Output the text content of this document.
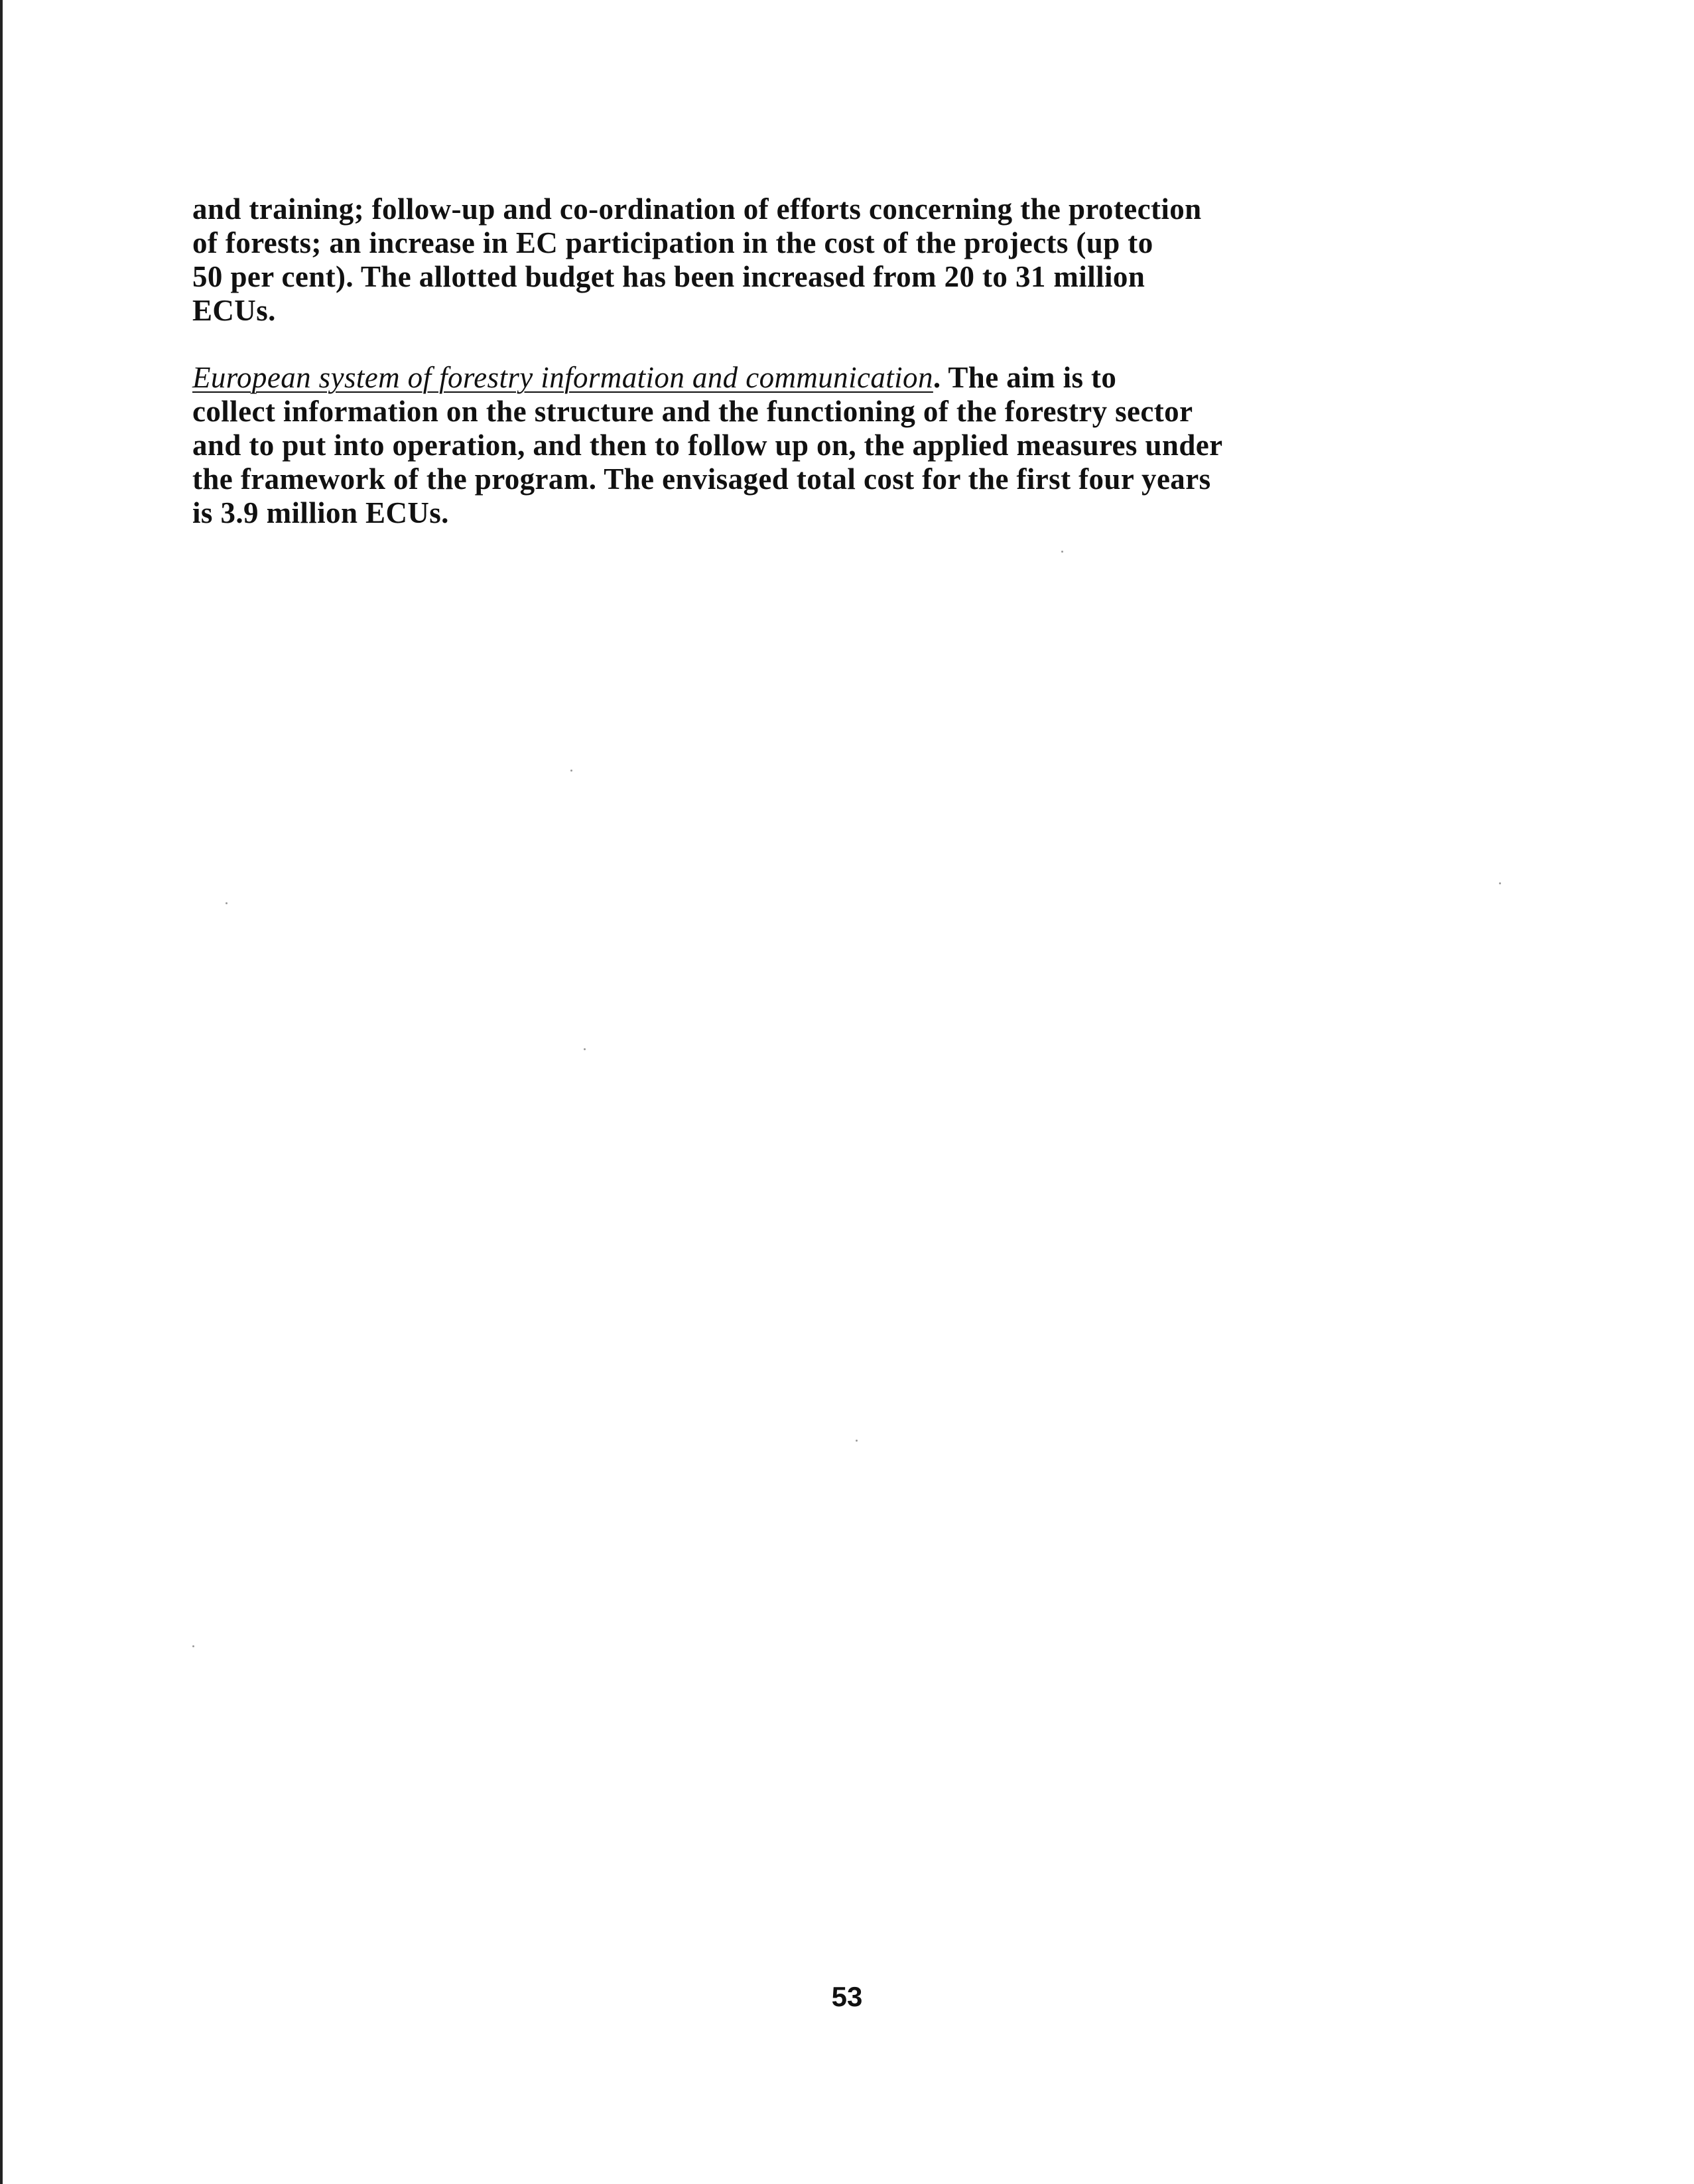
and training; follow-up and co-ordination of efforts concerning the protection
of forests; an increase in EC participation in the cost of the projects (up to
50 per cent). The allotted budget has been increased from 20 to 31 million
ECUs.

European system of forestry information and communication. The aim is to
collect information on the structure and the functioning of the forestry sector
and to put into operation, and then to follow up on, the applied measures under
the framework of the program. The envisaged total cost for the first four years
is 3.9 million ECUs.

53
